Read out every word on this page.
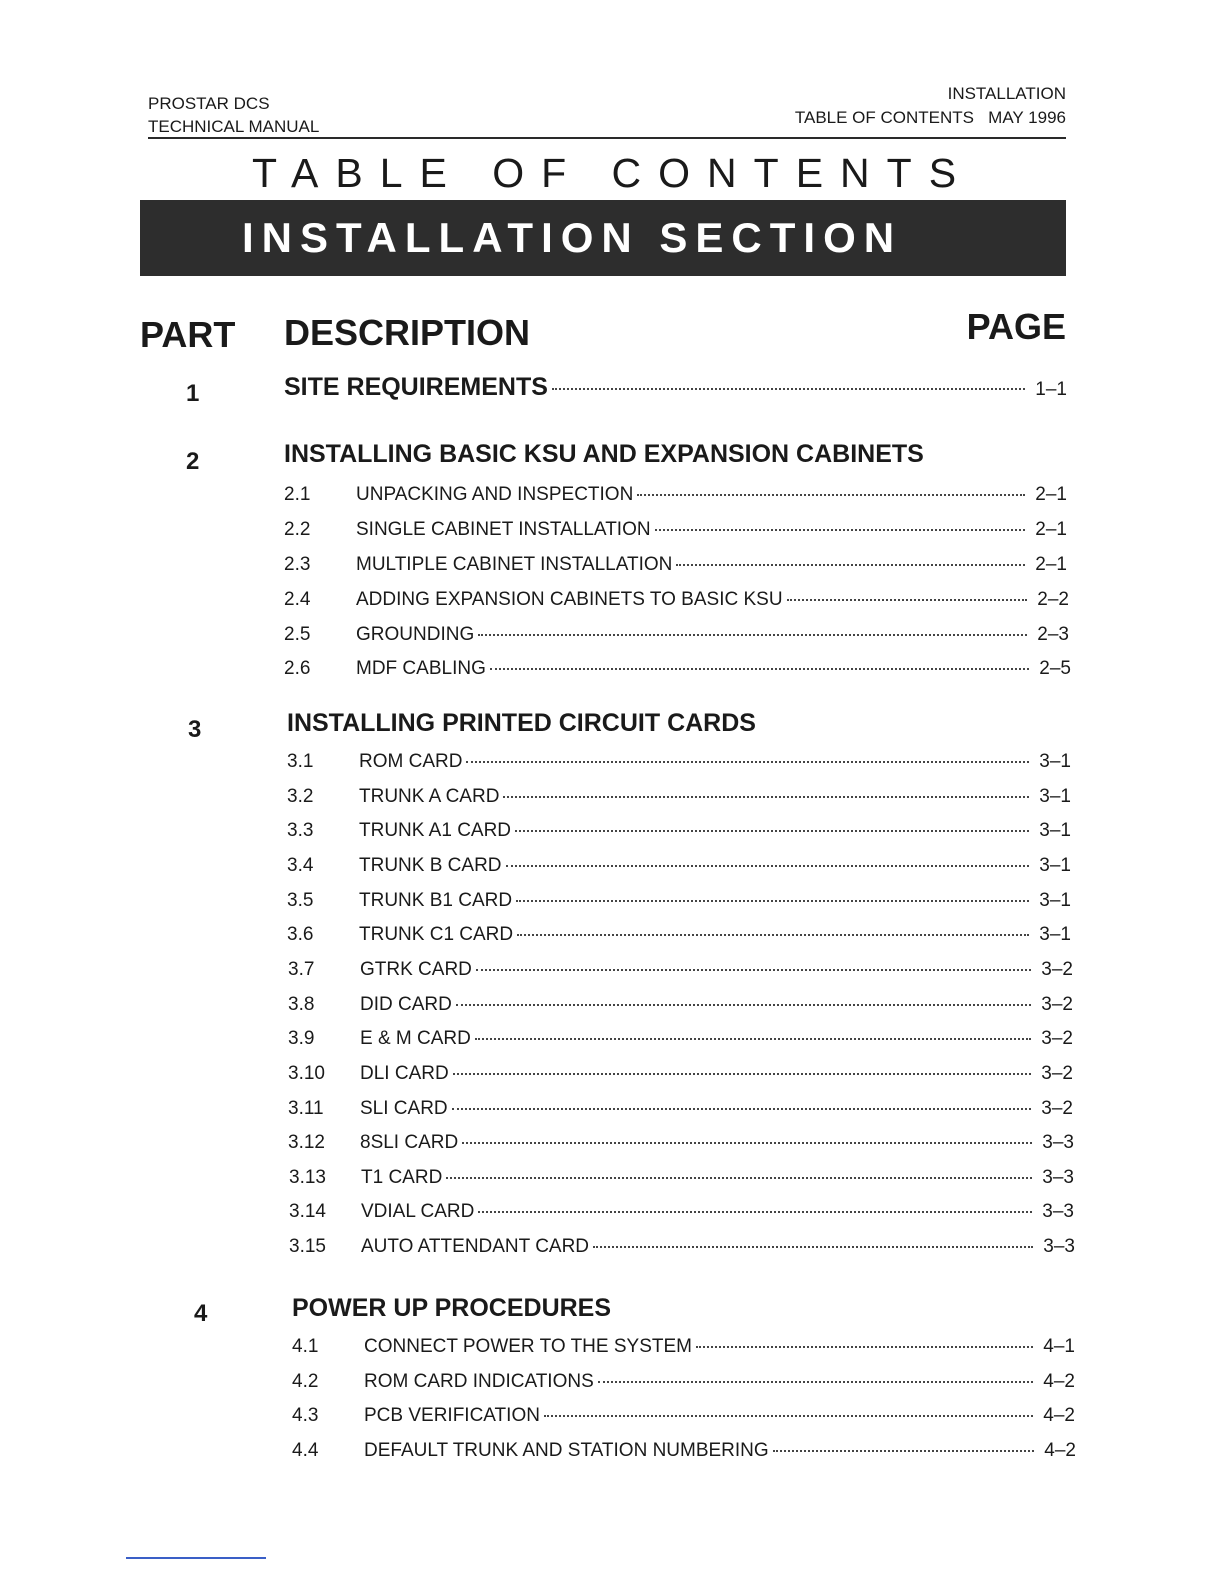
PROSTAR DCS
TECHNICAL MANUAL
INSTALLATION
TABLE OF CONTENTS   MAY 1996
TABLE OF CONTENTS
INSTALLATION SECTION
PART DESCRIPTION	PAGE
1	SITE REQUIREMENTS	1–1
2	INSTALLING BASIC KSU AND EXPANSION CABINETS
2.1	UNPACKING AND INSPECTION	2–1
2.2	SINGLE CABINET INSTALLATION	2–1
2.3	MULTIPLE CABINET INSTALLATION	2–1
2.4	ADDING EXPANSION CABINETS TO BASIC KSU	2–2
2.5	GROUNDING	2–3
2.6	MDF CABLING	2–5
3	INSTALLING PRINTED CIRCUIT CARDS
3.1	ROM CARD	3–1
3.2	TRUNK A CARD	3–1
3.3	TRUNK A1 CARD	3–1
3.4	TRUNK B CARD	3–1
3.5	TRUNK B1 CARD	3–1
3.6	TRUNK C1 CARD	3–1
3.7	GTRK CARD	3–2
3.8	DID CARD	3–2
3.9	E & M CARD	3–2
3.10	DLI CARD	3–2
3.11	SLI CARD	3–2
3.12	8SLI CARD	3–3
3.13	T1 CARD	3–3
3.14	VDIAL CARD	3–3
3.15	AUTO ATTENDANT CARD	3–3
4	POWER UP PROCEDURES
4.1	CONNECT POWER TO THE SYSTEM	4–1
4.2	ROM CARD INDICATIONS	4–2
4.3	PCB VERIFICATION	4–2
4.4	DEFAULT TRUNK AND STATION NUMBERING	4–2
